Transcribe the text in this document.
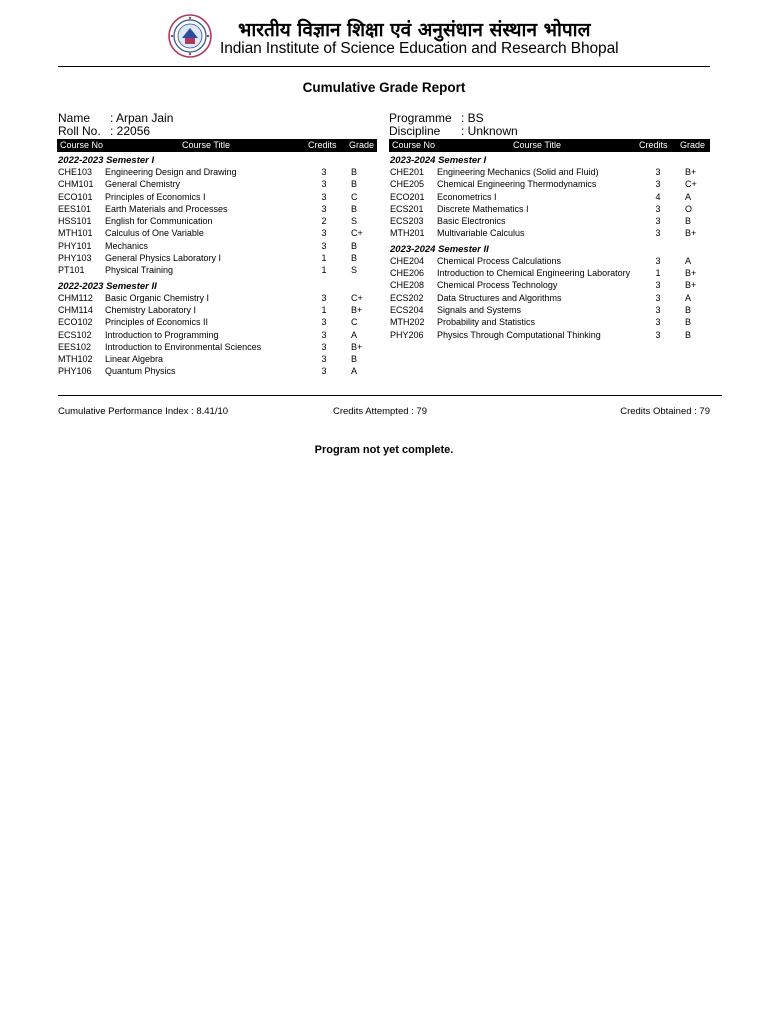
भारतीय विज्ञान शिक्षा एवं अनुसंधान संस्थान भोपाल
Indian Institute of Science Education and Research Bhopal
Cumulative Grade Report
Name : Arpan Jain
Roll No. : 22056
Programme : BS
Discipline : Unknown
Course No	Course Title	Credits Grade
2022-2023 Semester I
CHE103 Engineering Design and Drawing	3	B
CHM101 General Chemistry	3	B
ECO101 Principles of Economics I	3	C
EES101 Earth Materials and Processes	3	B
HSS101 English for Communication	2	S
MTH101 Calculus of One Variable	3	C+
PHY101 Mechanics	3	B
PHY103 General Physics Laboratory I	1	B
PT101 Physical Training	1	S
2022-2023 Semester II
CHM112 Basic Organic Chemistry I	3	C+
CHM114 Chemistry Laboratory I	1	B+
ECO102 Principles of Economics II	3	C
ECS102 Introduction to Programming	3	A
EES102 Introduction to Environmental Sciences	3	B+
MTH102 Linear Algebra	3	B
PHY106 Quantum Physics	3	A
Course No	Course Title	Credits Grade
2023-2024 Semester I
CHE201 Engineering Mechanics (Solid and Fluid)	3	B+
CHE205 Chemical Engineering Thermodynamics	3	C+
ECO201 Econometrics I	4	A
ECS201 Discrete Mathematics I	3	O
ECS203 Basic Electronics	3	B
MTH201 Multivariable Calculus	3	B+
2023-2024 Semester II
CHE204 Chemical Process Calculations	3	A
CHE206 Introduction to Chemical Engineering Laboratory	1	B+
CHE208 Chemical Process Technology	3	B+
ECS202 Data Structures and Algorithms	3	A
ECS204 Signals and Systems	3	B
MTH202 Probability and Statistics	3	B
PHY206 Physics Through Computational Thinking	3	B
Cumulative Performance Index : 8.41/10	Credits Attempted : 79	Credits Obtained : 79
Program not yet complete.
